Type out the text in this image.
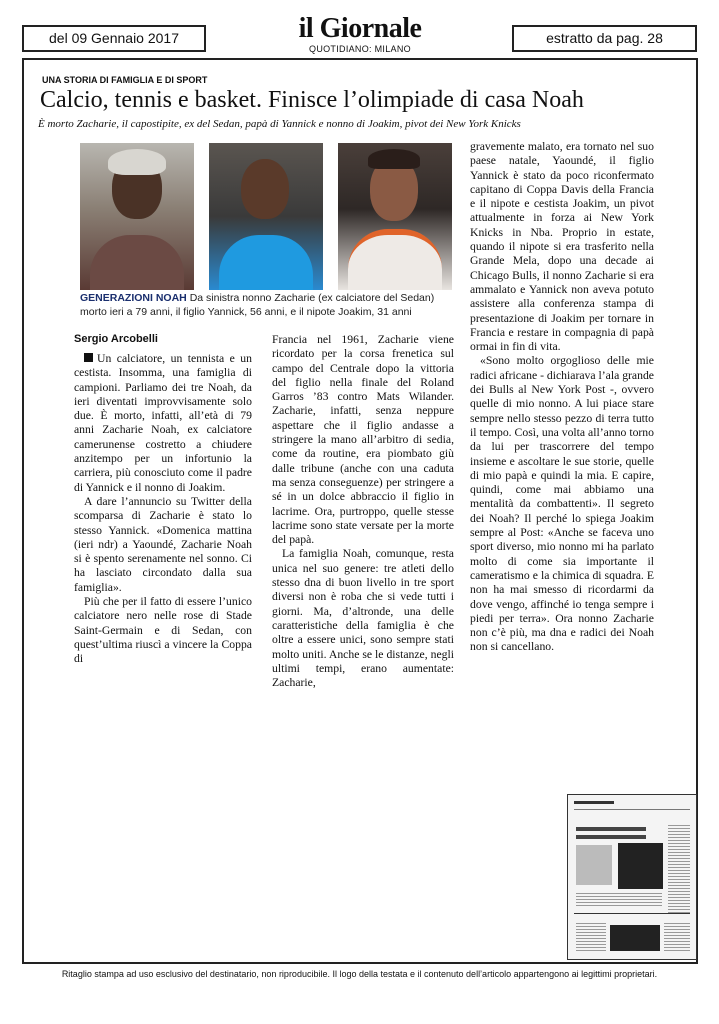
del 09 Gennaio 2017	il Giornale
QUOTIDIANO: MILANO
estratto da pag. 28
UNA STORIA DI FAMIGLIA E DI SPORT
Calcio, tennis e basket. Finisce l’olimpiade di casa Noah
È morto Zacharie, il capostipite, ex del Sedan, papà di Yannick e nonno di Joakim, pivot dei New York Knicks
GENERAZIONI NOAH Da sinistra nonno Zacharie (ex calciatore del Sedan) morto ieri a 79 anni, il figlio Yannick, 56 anni, e il nipote Joakim, 31 anni
Sergio Arcobelli

Un calciatore, un tennista e un cestista. Insomma, una famiglia di campioni. Parliamo dei tre Noah, da ieri diventati improvvisamente solo due. È morto, infatti, all’età di 79 anni Zacharie Noah, ex calciatore camerunense costretto a chiudere anzitempo per un infortunio la carriera, più conosciuto come il padre di Yannick e il nonno di Joakim.

A dare l’annuncio su Twitter della scomparsa di Zacharie è stato lo stesso Yannick. «Domenica mattina (ieri ndr) a Yaoundé, Zacharie Noah si è spento serenamente nel sonno. Ci ha lasciato circondato dalla sua famiglia».

Più che per il fatto di essere l’unico calciatore nero nelle rose di Stade Saint-Germain e di Sedan, con quest’ultima riuscì a vincere la Coppa di

Francia nel 1961, Zacharie viene ricordato per la corsa frenetica sul campo del Centrale dopo la vittoria del figlio nella finale del Roland Garros ’83 contro Mats Wilander. Zacharie, infatti, senza neppure aspettare che il figlio andasse a stringere la mano all’arbitro di sedia, come da routine, era piombato giù dalle tribune (anche con una caduta ma senza conseguenze) per stringere a sé in un dolce abbraccio il figlio in lacrime. Ora, purtroppo, quelle stesse lacrime sono state versate per la morte del papà.

La famiglia Noah, comunque, resta unica nel suo genere: tre atleti dello stesso dna di buon livello in tre sport diversi non è roba che si vede tutti i giorni. Ma, d’altronde, una delle caratteristiche della famiglia è che oltre a essere unici, sono sempre stati molto uniti. Anche se le distanze, negli ultimi tempi, erano aumentate: Zacharie,

gravemente malato, era tornato nel suo paese natale, Yaoundé, il figlio Yannick è stato da poco riconfermato capitano di Coppa Davis della Francia e il nipote e cestista Joakim, un pivot attualmente in forza ai New York Knicks in Nba. Proprio in estate, quando il nipote si era trasferito nella Grande Mela, dopo una decade ai Chicago Bulls, il nonno Zacharie si era ammalato e Yannick non aveva potuto assistere alla conferenza stampa di presentazione di Joakim per tornare in Francia e restare in compagnia di papà ormai in fin di vita.

«Sono molto orgoglioso delle mie radici africane - dichiarava l’ala grande dei Bulls al New York Post -, ovvero quelle di mio nonno. A lui piace stare sempre nello stesso pezzo di terra tutto il tempo. Così, una volta all’anno torno da lui per trascorrere del tempo insieme e ascoltare le sue storie, quelle di mio papà e quindi la mia. E capire, quindi, come mai abbiamo una mentalità da combattenti». Il segreto dei Noah? Il perché lo spiega Joakim sempre al Post: «Anche se faceva uno sport diverso, mio nonno mi ha parlato molto di come sia importante il cameratismo e la chimica di squadra. E non ha mai smesso di ricordarmi da dove vengo, affinché io tenga sempre i piedi per terra». Ora nonno Zacharie non c’è più, ma dna e radici dei Noah non si cancellano.

Ritaglio stampa ad uso esclusivo del destinatario, non riproducibile. Il logo della testata e il contenuto dell’articolo appartengono ai legittimi proprietari.
